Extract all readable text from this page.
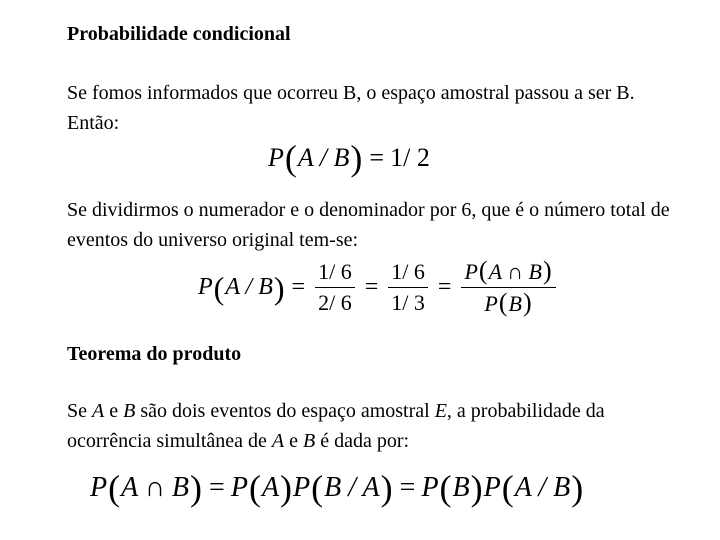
Probabilidade condicional
Se fomos informados que ocorreu B, o espaço amostral passou a ser B. Então:
P ( A / B ) = 1/ 2
Se dividirmos o numerador e o denominador por 6, que é o número total de eventos do universo original tem-se:
P ( A / B ) = $\frac{1/ 6}{2/ 6} = \frac{1/ 6}{1/ 3} = \frac{P(A \cap B)}{P(B)}$
Teorema do produto
Se A e B são dois eventos do espaço amostral E, a probabilidade da ocorrência simultânea de A e B é dada por:
P ( A ∩ B ) = P ( A ) P ( B / A ) = P ( B ) P ( A / B )
